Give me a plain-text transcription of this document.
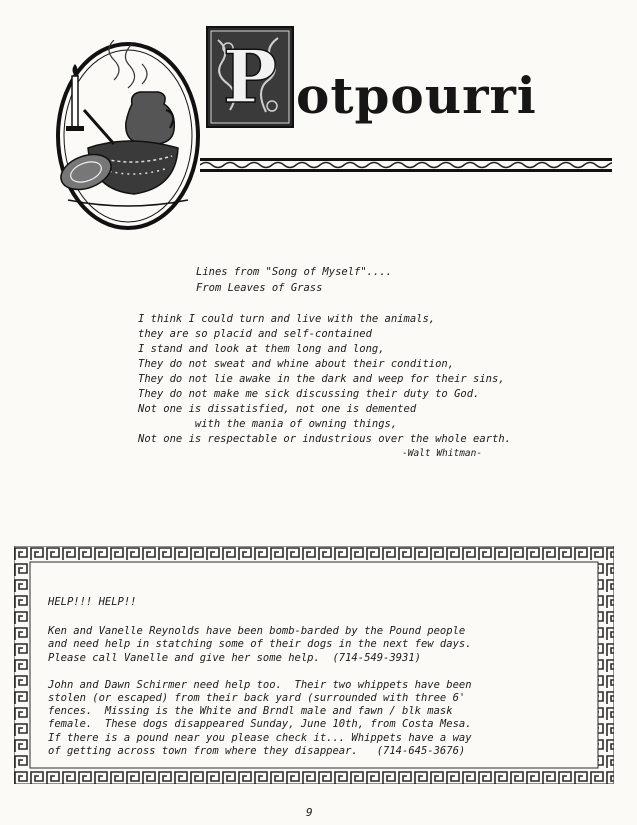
P otpourri
Lines from "Song of Myself"....
From Leaves of Grass
I think I could turn and live with the animals,
they are so placid and self-contained
I stand and look at them long and long,
They do not sweat and whine about their condition,
They do not lie awake in the dark and weep for their sins,
They do not make me sick discussing their duty to God.
Not one is dissatisfied, not one is demented
with the mania of owning things,
Not one is respectable or industrious over the whole earth.
-Walt Whitman-
HELP!!! HELP!!

Ken and Vanelle Reynolds have been bomb-barded by the Pound people
and need help in statching some of their dogs in the next few days.
Please call Vanelle and give her some help.  (714-549-3931)

John and Dawn Schirmer need help too.  Their two whippets have been
stolen (or escaped) from their back yard (surrounded with three 6'
fences.  Missing is the White and Brndl male and fawn / blk mask
female.  These dogs disappeared Sunday, June 10th, from Costa Mesa.
If there is a pound near you please check it... Whippets have a way
of getting across town from where they disappear.   (714-645-3676)

9
